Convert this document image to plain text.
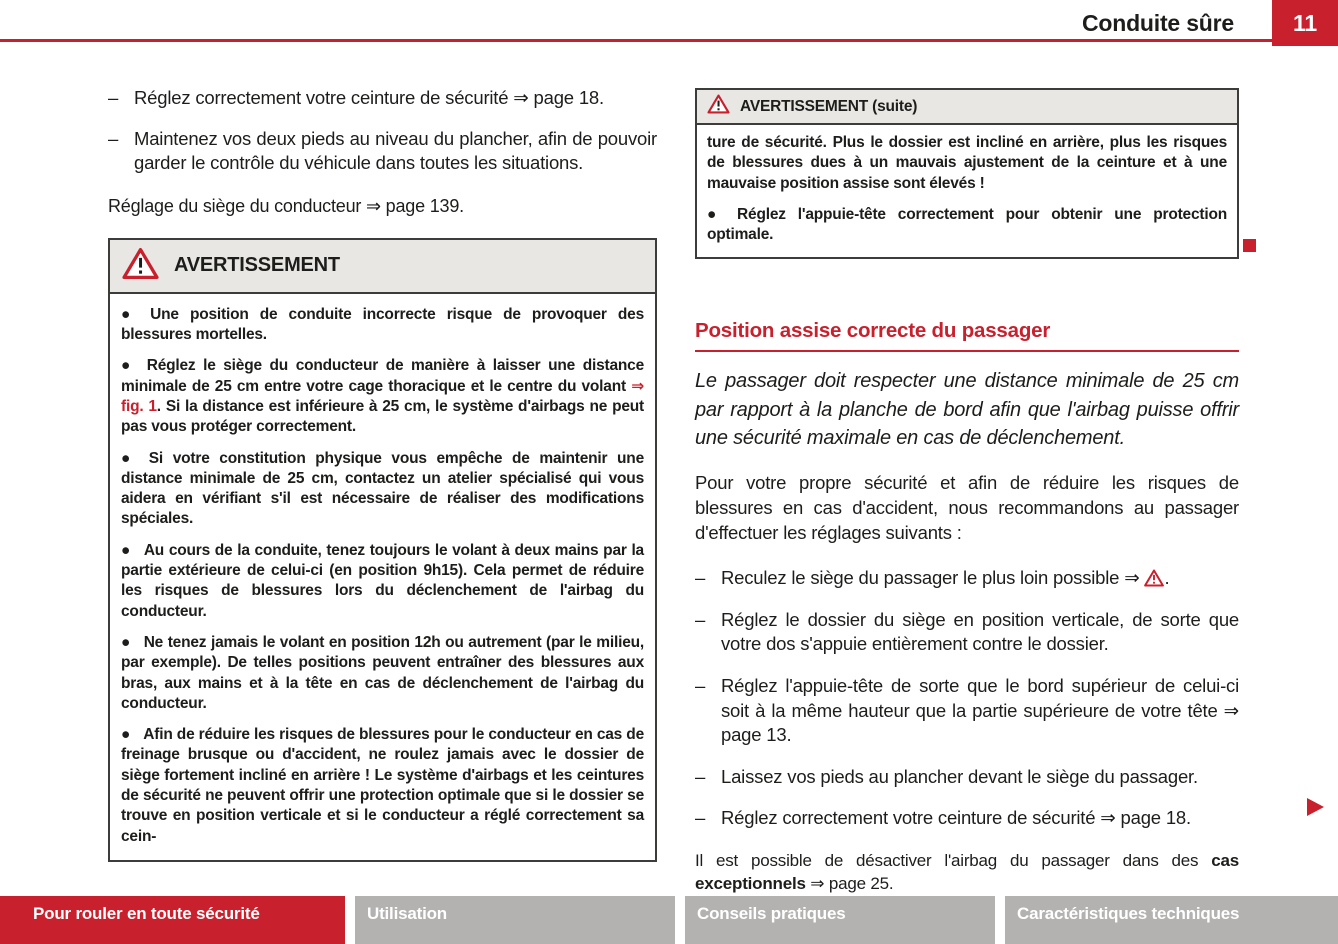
Conduite sûre	11
– Réglez correctement votre ceinture de sécurité ⇒ page 18.
– Maintenez vos deux pieds au niveau du plancher, afin de pouvoir garder le contrôle du véhicule dans toutes les situations.
Réglage du siège du conducteur ⇒ page 139.
AVERTISSEMENT

● Une position de conduite incorrecte risque de provoquer des blessures mortelles.

● Réglez le siège du conducteur de manière à laisser une distance minimale de 25 cm entre votre cage thoracique et le centre du volant ⇒ fig. 1. Si la distance est inférieure à 25 cm, le système d'airbags ne peut pas vous protéger correctement.

● Si votre constitution physique vous empêche de maintenir une distance minimale de 25 cm, contactez un atelier spécialisé qui vous aidera en vérifiant s'il est nécessaire de réaliser des modifications spéciales.

● Au cours de la conduite, tenez toujours le volant à deux mains par la partie extérieure de celui-ci (en position 9h15). Cela permet de réduire les risques de blessures lors du déclenchement de l'airbag du conducteur.

● Ne tenez jamais le volant en position 12h ou autrement (par le milieu, par exemple). De telles positions peuvent entraîner des blessures aux bras, aux mains et à la tête en cas de déclenchement de l'airbag du conducteur.

● Afin de réduire les risques de blessures pour le conducteur en cas de freinage brusque ou d'accident, ne roulez jamais avec le dossier de siège fortement incliné en arrière ! Le système d'airbags et les ceintures de sécurité ne peuvent offrir une protection optimale que si le dossier se trouve en position verticale et si le conducteur a réglé correctement sa cein-

AVERTISSEMENT (suite)

ture de sécurité. Plus le dossier est incliné en arrière, plus les risques de blessures dues à un mauvais ajustement de la ceinture et à une mauvaise position assise sont élevés !

● Réglez l'appuie-tête correctement pour obtenir une protection optimale.

Position assise correcte du passager

Le passager doit respecter une distance minimale de 25 cm par rapport à la planche de bord afin que l'airbag puisse offrir une sécurité maximale en cas de déclenchement.

Pour votre propre sécurité et afin de réduire les risques de blessures en cas d'accident, nous recommandons au passager d'effectuer les réglages suivants :

– Reculez le siège du passager le plus loin possible ⇒ .
– Réglez le dossier du siège en position verticale, de sorte que votre dos s'appuie entièrement contre le dossier.
– Réglez l'appuie-tête de sorte que le bord supérieur de celui-ci soit à la même hauteur que la partie supérieure de votre tête ⇒ page 13.
– Laissez vos pieds au plancher devant le siège du passager.
– Réglez correctement votre ceinture de sécurité ⇒ page 18.

Il est possible de désactiver l'airbag du passager dans des cas exceptionnels ⇒ page 25.

Pour rouler en toute sécurité	Utilisation	Conseils pratiques	Caractéristiques techniques
